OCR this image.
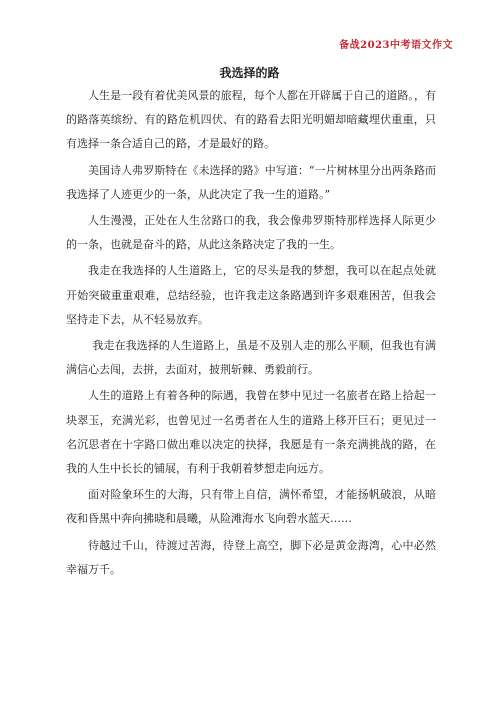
备战2023中考语文作文
我选择的路

人生是一段有着优美风景的旅程，每个人都在开辟属于自己的道路。，有的路落英缤纷、有的路危机四伏、有的路看去阳光明媚却暗藏埋伏重重，只有选择一条合适自己的路，才是最好的路。

美国诗人弗罗斯特在《未选择的路》中写道：“一片树林里分出两条路而我选择了人迹更少的一条，从此决定了我一生的道路。”

人生漫漫，正处在人生岔路口的我，我会像弗罗斯特那样选择人际更少的一条，也就是奋斗的路，从此这条路决定了我的一生。

我走在我选择的人生道路上，它的尽头是我的梦想，我可以在起点处就开始突破重重艰难，总结经验，也许我走这条路遇到许多艰难困苦，但我会坚持走下去，从不轻易放弃。

我走在我选择的人生道路上，虽是不及别人走的那么平顺，但我也有满满信心去闯，去拼，去面对，披荆斩棘、勇毅前行。

人生的道路上有着各种的际遇，我曾在梦中见过一名旅者在路上拾起一块翠玉，充满光彩，也曾见过一名勇者在人生的道路上移开巨石；更见过一名沉思者在十字路口做出难以决定的抉择，我愿是有一条充满挑战的路，在我的人生中长长的铺展，有利于我朝着梦想走向远方。

面对险象环生的大海，只有带上自信，满怀希望，才能扬帆破浪，从暗夜和昏黑中奔向拂晓和晨曦，从险滩海水飞向碧水蓝天……

待越过千山，待渡过苦海，待登上高空，脚下必是黄金海湾，心中必然幸福万千。
